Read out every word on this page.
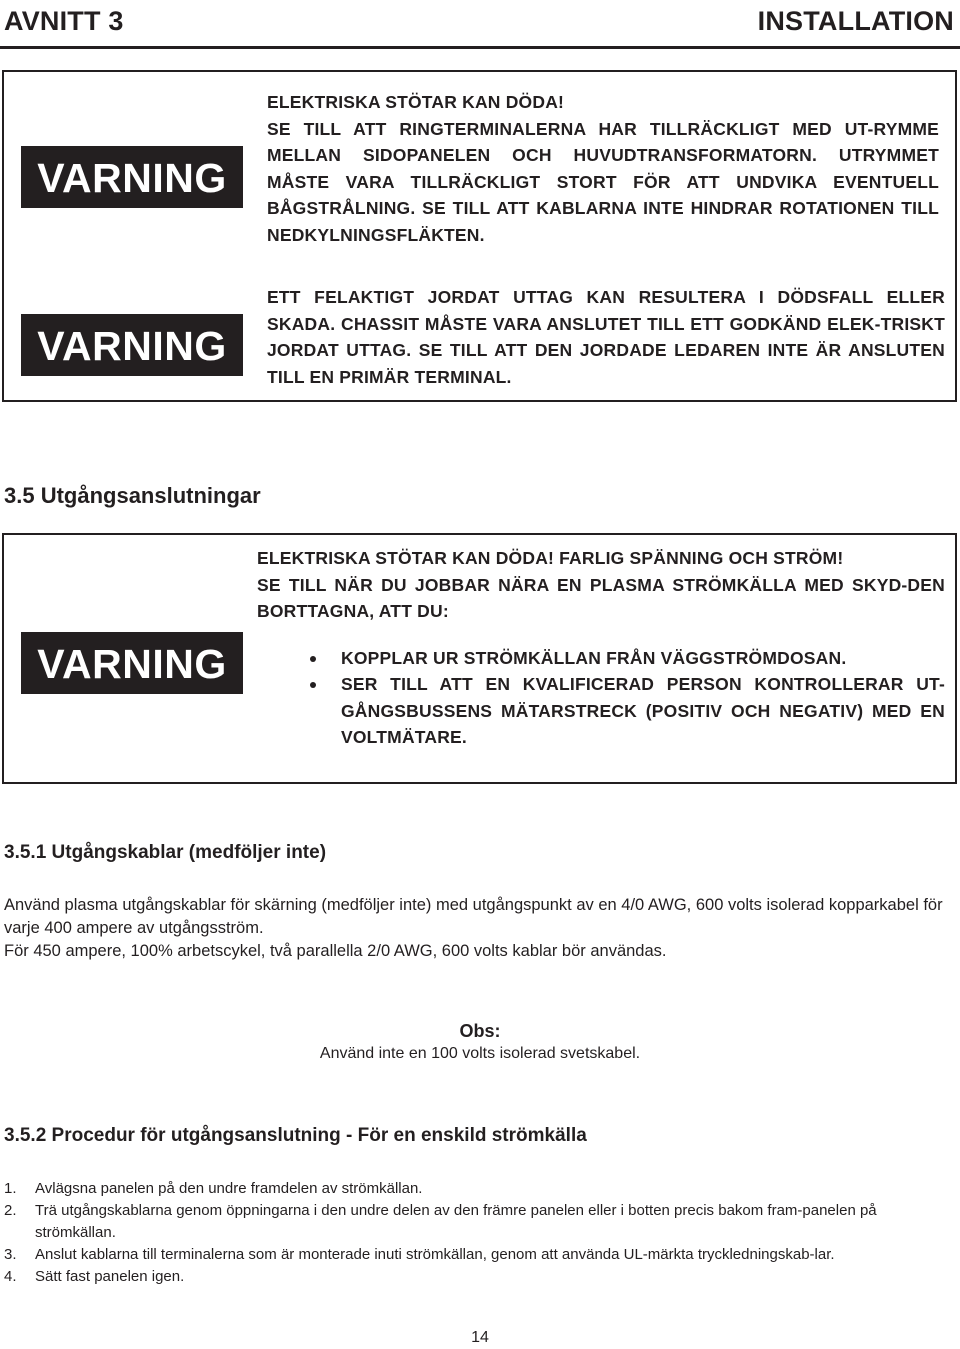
AVNITT 3	INSTALLATION
VARNING

ELEKTRISKA STÖTAR KAN DÖDA!

SE TILL ATT RINGTERMINALERNA HAR TILLRÄCKLIGT MED UT-RYMME MELLAN SIDOPANELEN OCH HUVUDTRANSFORMATORN. UTRYMMET MÅSTE VARA TILLRÄCKLIGT STORT FÖR ATT UNDVIKA EVENTUELL BÅGSTRÅLNING. SE TILL ATT KABLARNA INTE HINDRAR ROTATIONEN TILL NEDKYLNINGSFLÄKTEN.

VARNING

ETT FELAKTIGT JORDAT UTTAG KAN RESULTERA I DÖDSFALL ELLER SKADA. CHASSIT MÅSTE VARA ANSLUTET TILL ETT GODKÄND ELEK-TRISKT JORDAT UTTAG. SE TILL ATT DEN JORDADE LEDAREN INTE ÄR ANSLUTEN TILL EN PRIMÄR TERMINAL.

3.5 Utgångsanslutningar
VARNING

ELEKTRISKA STÖTAR KAN DÖDA! FARLIG SPÄNNING OCH STRÖM!

SE TILL NÄR DU JOBBAR NÄRA EN PLASMA STRÖMKÄLLA MED SKYD-DEN BORTTAGNA, ATT DU:

KOPPLAR UR STRÖMKÄLLAN FRÅN VÄGGSTRÖMDOSAN.
SER TILL ATT EN KVALIFICERAD PERSON KONTROLLERAR UT-GÅNGSBUSSENS MÄTARSTRECK (POSITIV OCH NEGATIV) MED EN VOLTMÄTARE.
3.5.1 Utgångskablar (medföljer inte)

Använd plasma utgångskablar för skärning (medföljer inte) med utgångspunkt av en 4/0 AWG, 600 volts isolerad kopparkabel för varje 400 ampere av utgångsström.

För 450 ampere, 100% arbetscykel, två parallella 2/0 AWG, 600 volts kablar bör användas.

Obs:
Använd inte en 100 volts isolerad svetskabel.
3.5.2 Procedur för utgångsanslutning - För en enskild strömkälla
1. Avlägsna panelen på den undre framdelen av strömkällan.
2. Trä utgångskablarna genom öppningarna i den undre delen av den främre panelen eller i botten precis bakom fram-panelen på strömkällan.
3. Anslut kablarna till terminalerna som är monterade inuti strömkällan, genom att använda UL-märkta tryckledningskab-lar.
4. Sätt fast panelen igen.
14
